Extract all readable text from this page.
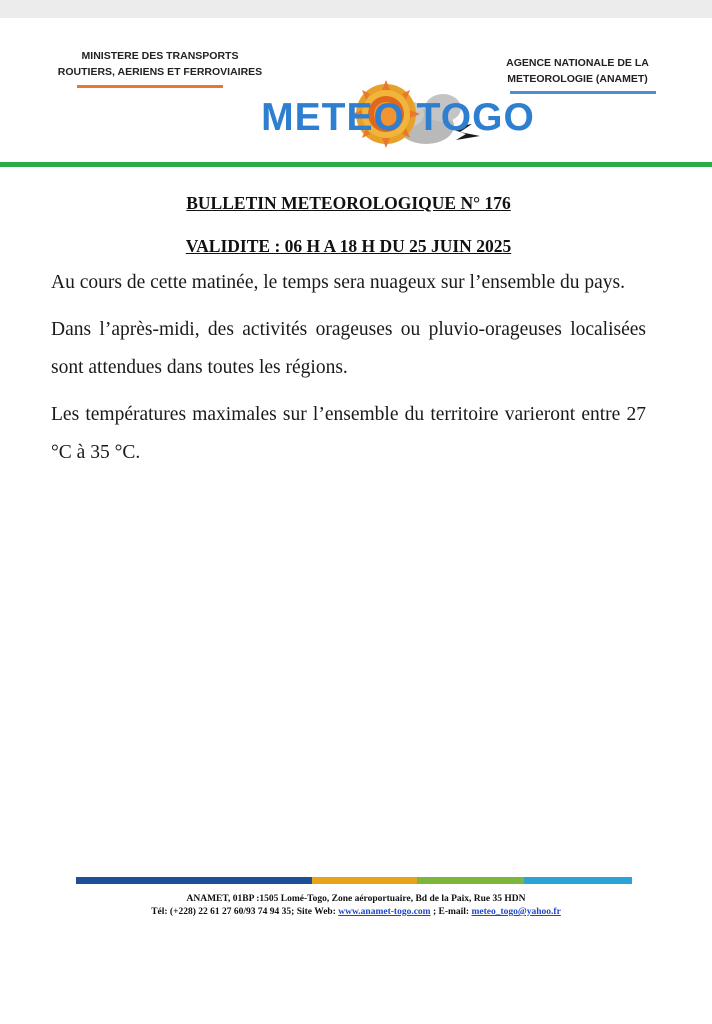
MINISTERE DES TRANSPORTS
ROUTIERS, AERIENS ET FERROVIAIRES
AGENCE NATIONALE DE LA
METEOROLOGIE (ANAMET)
METEO TOGO
BULLETIN METEOROLOGIQUE N° 176
VALIDITE : 06 H A 18 H DU 25 JUIN 2025

Au cours de cette matinée, le temps sera nuageux sur l’ensemble du pays.

Dans l’après-midi, des activités orageuses ou pluvio-orageuses localisées sont attendues dans toutes les régions.

Les températures maximales sur l’ensemble du territoire varieront entre 27 °C à 35 °C.

ANAMET, 01BP :1505 Lomé-Togo, Zone aéroportuaire, Bd de la Paix, Rue 35 HDN
Tél: (+228) 22 61 27 60/93 74 94 35; Site Web: www.anamet-togo.com ; E-mail: meteo_togo@yahoo.fr
